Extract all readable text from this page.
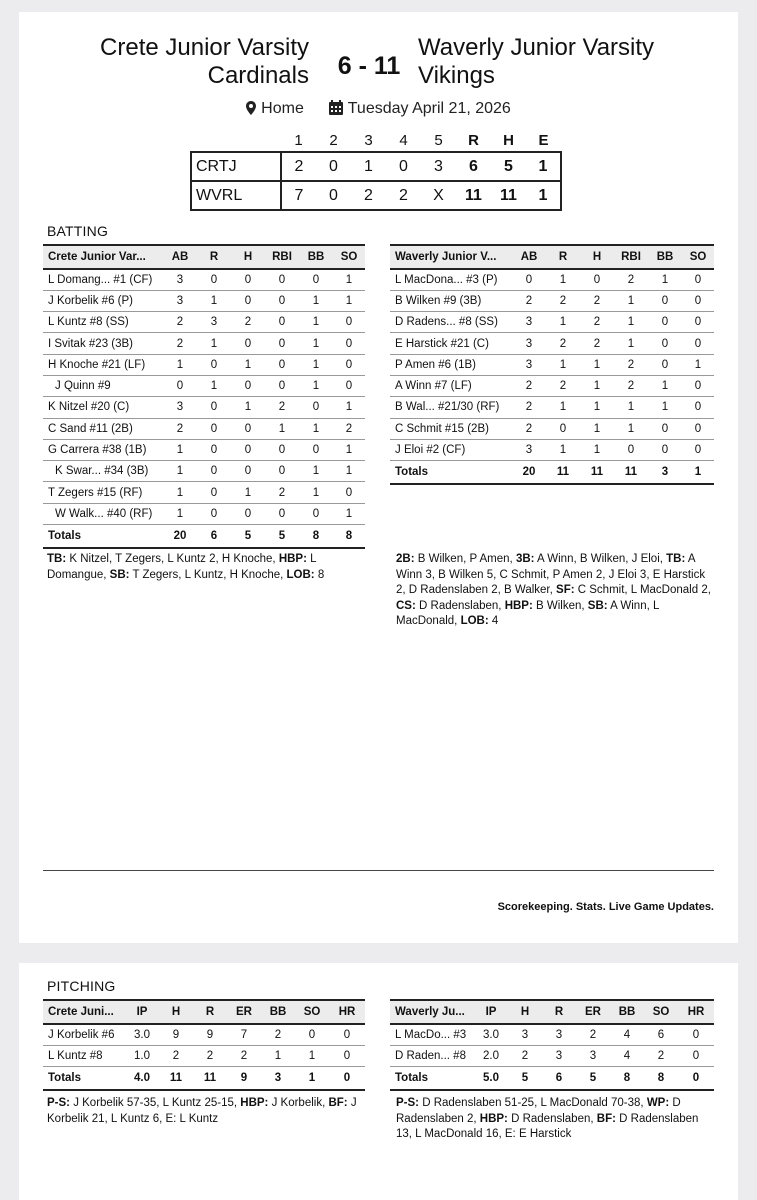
Crete Junior Varsity
Cardinals	6 - 11
Waverly Junior Varsity
Vikings
Home	Tuesday April 21, 2026
	1	2	3	4	5	R	H	E
CRTJ	2	0	1	0	3	6	5	1
WVRL	7	0	2	2	X	11	11	1
BATTING
Crete Junior Var...	AB	R	H	RBI	BB	SO
L Domang... #1 (CF)	3	0	0	0	0	1
J Korbelik #6 (P)	3	1	0	0	1	1
L Kuntz #8 (SS)	2	3	2	0	1	0
I Svitak #23 (3B)	2	1	0	0	1	0
H Knoche #21 (LF)	1	0	1	0	1	0
J Quinn #9	0	1	0	0	1	0
K Nitzel #20 (C)	3	0	1	2	0	1
C Sand #11 (2B)	2	0	0	1	1	2
G Carrera #38 (1B)	1	0	0	0	0	1
K Swar... #34 (3B)	1	0	0	0	1	1
T Zegers #15 (RF)	1	0	1	2	1	0
W Walk... #40 (RF)	1	0	0	0	0	1
Totals	20	6	5	5	8	8
Waverly Junior V...	AB	R	H	RBI	BB	SO
L MacDona... #3 (P)	0	1	0	2	1	0
B Wilken #9 (3B)	2	2	2	1	0	0
D Radens... #8 (SS)	3	1	2	1	0	0
E Harstick #21 (C)	3	2	2	1	0	0
P Amen #6 (1B)	3	1	1	2	0	1
A Winn #7 (LF)	2	2	1	2	1	0
B Wal... #21/30 (RF)	2	1	1	1	1	0
C Schmit #15 (2B)	2	0	1	1	0	0
J Eloi #2 (CF)	3	1	1	0	0	0
Totals	20	11	11	11	3	1
TB: K Nitzel, T Zegers, L Kuntz 2, H Knoche, HBP: L Domangue, SB: T Zegers, L Kuntz, H Knoche, LOB: 8
2B: B Wilken, P Amen, 3B: A Winn, B Wilken, J Eloi, TB: A Winn 3, B Wilken 5, C Schmit, P Amen 2, J Eloi 3, E Harstick 2, D Radenslaben 2, B Walker, SF: C Schmit, L MacDonald 2, CS: D Radenslaben, HBP: B Wilken, SB: A Winn, L MacDonald, LOB: 4
Scorekeeping. Stats. Live Game Updates.
PITCHING
Crete Juni...	IP	H	R	ER	BB	SO	HR
J Korbelik #6	3.0	9	9	7	2	0	0
L Kuntz #8	1.0	2	2	2	1	1	0
Totals	4.0	11	11	9	3	1	0
Waverly Ju...	IP	H	R	ER	BB	SO	HR
L MacDo... #3	3.0	3	3	2	4	6	0
D Raden... #8	2.0	2	3	3	4	2	0
Totals	5.0	5	6	5	8	8	0
P-S: J Korbelik 57-35, L Kuntz 25-15, HBP: J Korbelik, BF: J Korbelik 21, L Kuntz 6, E: L Kuntz
P-S: D Radenslaben 51-25, L MacDonald 70-38, WP: D Radenslaben 2, HBP: D Radenslaben, BF: D Radenslaben 13, L MacDonald 16, E: E Harstick
